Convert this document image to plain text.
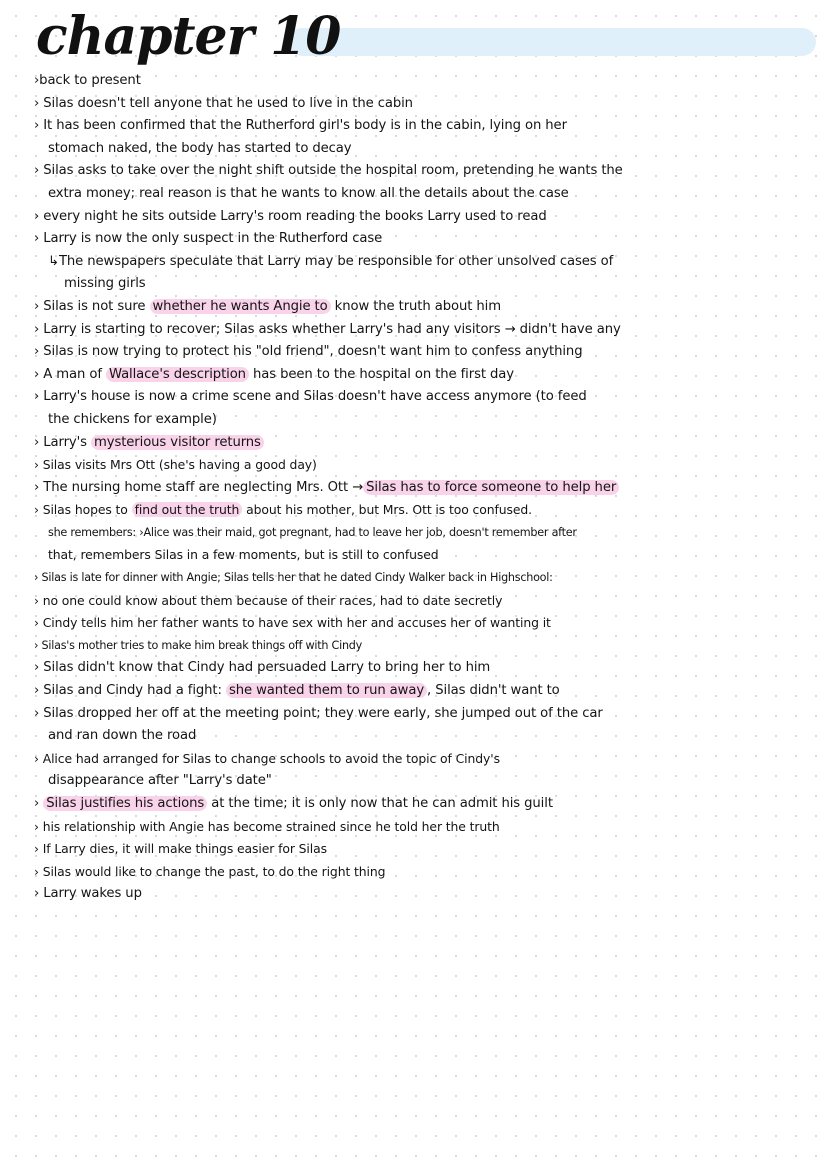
chapter 10
›back to present
› Silas doesn't tell anyone that he used to live in the cabin
› It has been confirmed that the Rutherford girl's body is in the cabin, lying on her
stomach naked, the body has started to decay
› Silas asks to take over the night shift outside the hospital room, pretending he wants the
extra money; real reason is that he wants to know all the details about the case
› every night he sits outside Larry's room reading the books Larry used to read
› Larry is now the only suspect in the Rutherford case
↳The newspapers speculate that Larry may be responsible for other unsolved cases of
missing girls
› Silas is not sure whether he wants Angie to know the truth about him
› Larry is starting to recover; Silas asks whether Larry's had any visitors → didn't have any
› Silas is now trying to protect his "old friend", doesn't want him to confess anything
› A man of Wallace's description has been to the hospital on the first day
› Larry's house is now a crime scene and Silas doesn't have access anymore (to feed
the chickens for example)
› Larry's mysterious visitor returns
› Silas visits Mrs Ott (she's having a good day)
› The nursing home staff are neglecting Mrs. Ott → Silas has to force someone to help her
› Silas hopes to find out the truth about his mother, but Mrs. Ott is too confused.
she remembers: ›Alice was their maid, got pregnant, had to leave her job, doesn't remember after
that, remembers Silas in a few moments, but is still to confused
› Silas is late for dinner with Angie; Silas tells her that he dated Cindy Walker back in Highschool:
› no one could know about them because of their races, had to date secretly
› Cindy tells him her father wants to have sex with her and accuses her of wanting it
› Silas's mother tries to make him break things off with Cindy
› Silas didn't know that Cindy had persuaded Larry to bring her to him
› Silas and Cindy had a fight: she wanted them to run away , Silas didn't want to
› Silas dropped her off at the meeting point; they were early, she jumped out of the car
and ran down the road
› Alice had arranged for Silas to change schools to avoid the topic of Cindy's
disappearance after "Larry's date"
› Silas justifies his actions at the time; it is only now that he can admit his guilt
› his relationship with Angie has become strained since he told her the truth
› If Larry dies, it will make things easier for Silas
› Silas would like to change the past, to do the right thing
› Larry wakes up
